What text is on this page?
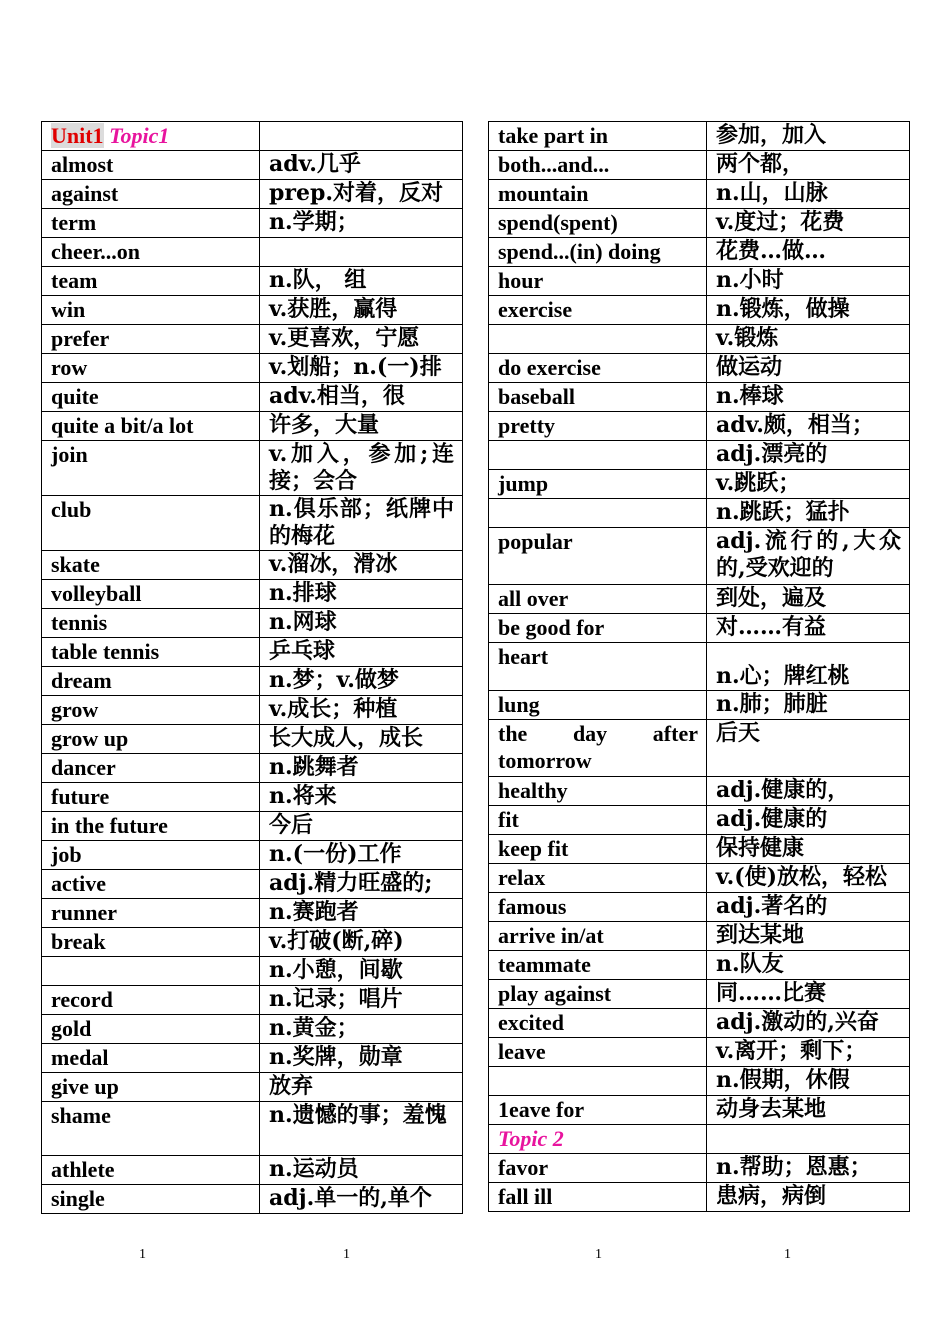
Unit1 Topic1	
almost	adv.几乎
against	prep.对着，反对
term	n.学期；
cheer...on	
team	n.队， 组
win	v.获胜，赢得
prefer	v.更喜欢，宁愿
row	v.划船；n.(一)排
quite	adv.相当，很
quite a bit/a lot	许多，大量
join	v.加入，参加;连接；会合
club	n.俱乐部；纸牌中的梅花
skate	v.溜冰，滑冰
volleyball	n.排球
tennis	n.网球
table tennis	乒乓球
dream	n.梦；v.做梦
grow	v.成长；种植
grow up	长大成人，成长
dancer	n.跳舞者
future	n.将来
in the future	今后
job	n.(一份)工作
active	adj.精力旺盛的;
runner	n.赛跑者
break	v.打破(断,碎)
	n.小憩，间歇
record	n.记录；唱片
gold	n.黄金；
medal	n.奖牌，勋章
give up	放弃
shame	n.遗憾的事；羞愧
athlete	n.运动员
single	adj.单一的,单个
take part in	参加，加入
both...and...	两个都，
mountain	n.山，山脉
spend(spent)	v.度过；花费
spend...(in) doing	花费…做…
hour	n.小时
exercise	n.锻炼，做操
	v.锻炼
do exercise	做运动
baseball	n.棒球
pretty	adv.颇，相当；
	adj.漂亮的
jump	v.跳跃；
	n.跳跃；猛扑
popular	adj.流行的,大众的,受欢迎的
all over	到处，遍及
be good for	对……有益
heart	n.心；牌红桃
lung	n.肺；肺脏
the day after tomorrow	后天
healthy	adj.健康的，
fit	adj.健康的
keep fit	保持健康
relax	v.(使)放松，轻松
famous	adj.著名的
arrive in/at	到达某地
teammate	n.队友
play against	同……比赛
excited	adj.激动的,兴奋
leave	v.离开；剩下；
	n.假期，休假
1eave for	动身去某地
Topic 2	
favor	n.帮助；恩惠；
fall ill	患病，病倒
1	1	1	1
